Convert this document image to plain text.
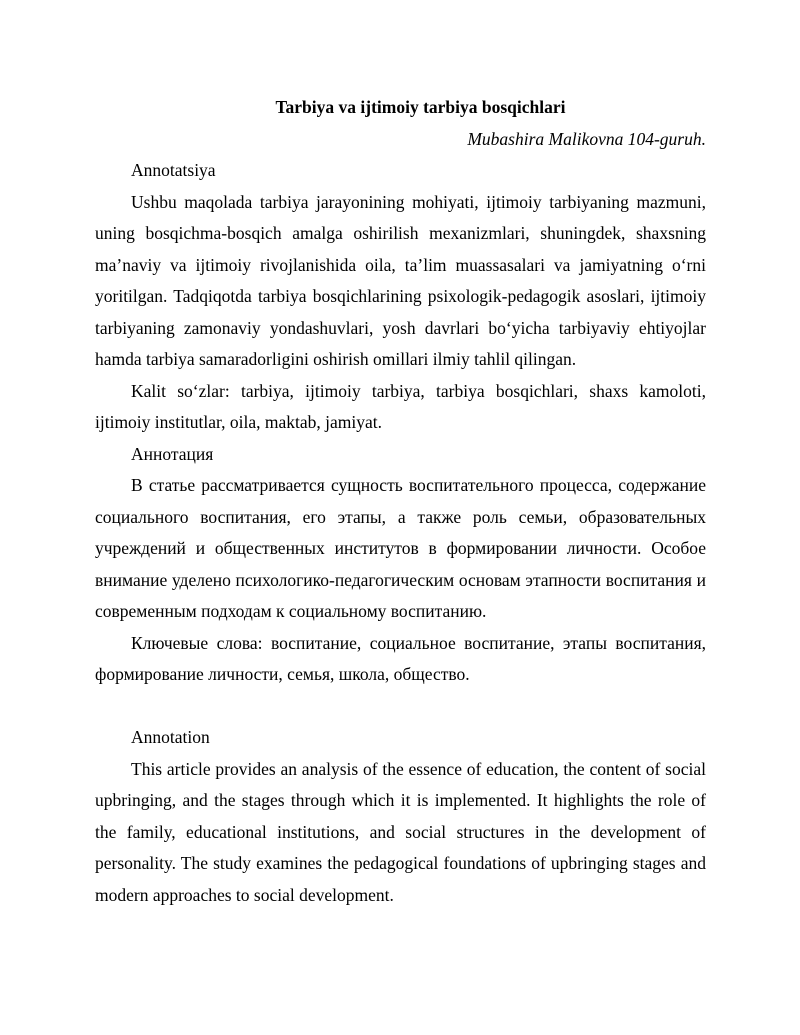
Tarbiya va ijtimoiy tarbiya bosqichlari

Mubashira Malikovna 104-guruh.

Annotatsiya

Ushbu maqolada tarbiya jarayonining mohiyati, ijtimoiy tarbiyaning mazmuni, uning bosqichma-bosqich amalga oshirilish mexanizmlari, shuningdek, shaxsning ma’naviy va ijtimoiy rivojlanishida oila, ta’lim muassasalari va jamiyatning o‘rni yoritilgan. Tadqiqotda tarbiya bosqichlarining psixologik-pedagogik asoslari, ijtimoiy tarbiyaning zamonaviy yondashuvlari, yosh davrlari bo‘yicha tarbiyaviy ehtiyojlar hamda tarbiya samaradorligini oshirish omillari ilmiy tahlil qilingan.

Kalit so‘zlar: tarbiya, ijtimoiy tarbiya, tarbiya bosqichlari, shaxs kamoloti, ijtimoiy institutlar, oila, maktab, jamiyat.

Аннотация

В статье рассматривается сущность воспитательного процесса, содержание социального воспитания, его этапы, а также роль семьи, образовательных учреждений и общественных институтов в формировании личности. Особое внимание уделено психологико-педагогическим основам этапности воспитания и современным подходам к социальному воспитанию.

Ключевые слова: воспитание, социальное воспитание, этапы воспитания, формирование личности, семья, школа, общество.

Annotation

This article provides an analysis of the essence of education, the content of social upbringing, and the stages through which it is implemented. It highlights the role of the family, educational institutions, and social structures in the development of personality. The study examines the pedagogical foundations of upbringing stages and modern approaches to social development.
